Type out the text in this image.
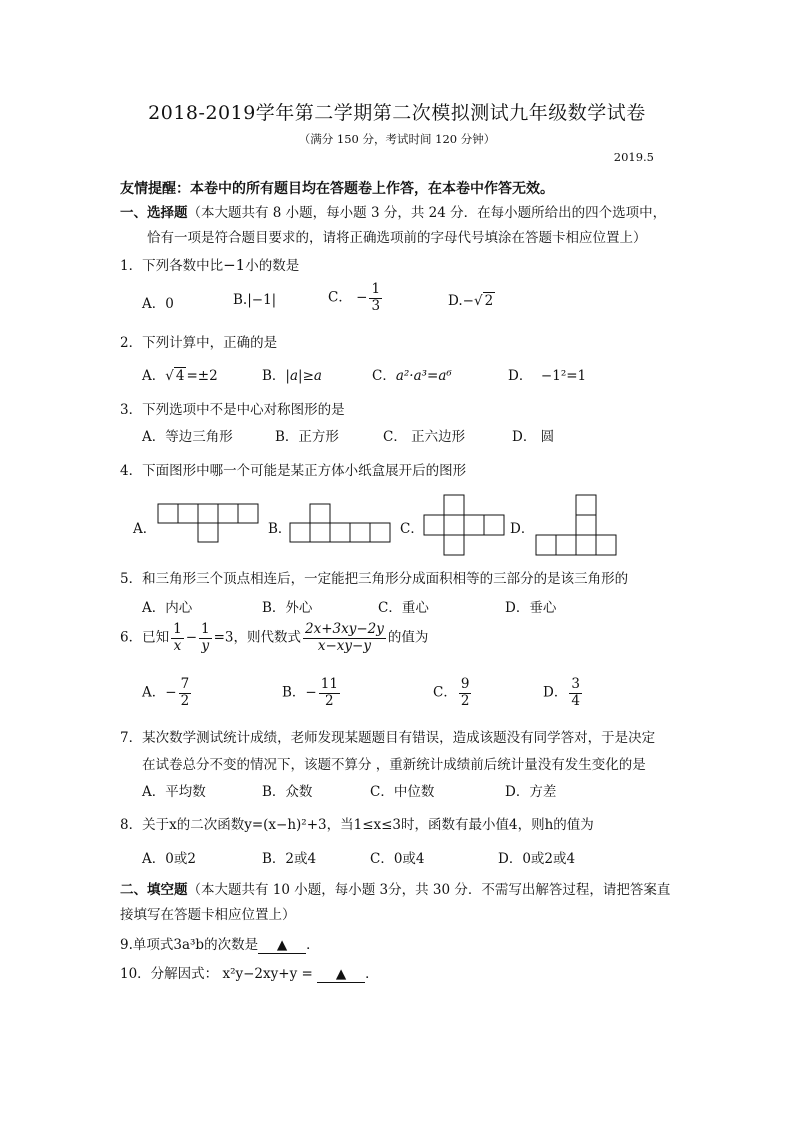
2018-2019学年第二学期第二次模拟测试九年级数学试卷
（满分 150 分，考试时间 120 分钟）
2019.5
友情提醒：本卷中的所有题目均在答题卷上作答，在本卷中作答无效。
一、选择题（本大题共有 8 小题，每小题 3 分，共 24 分．在每小题所给出的四个选项中，
恰有一项是符合题目要求的，请将正确选项前的字母代号填涂在答题卡相应位置上）
1．下列各数中比−1小的数是
A．0	B.|−1|	C． − $\frac{1}{3}$	D.−√ 2
2．下列计算中，正确的是
A．√ 4 =±2	B．|a|≥a	C．a²·a³=a⁶	D． −1²=1
3．下列选项中不是中心对称图形的是
A．等边三角形	B．正方形	C． 正六边形	D． 圆
4．下面图形中哪一个可能是某正方体小纸盒展开后的图形
A．	B．	C．	D．
5．和三角形三个顶点相连后，一定能把三角形分成面积相等的三部分的是该三角形的
A．内心	B．外心	C．重心	D．垂心
6．已知 $\frac{1}{x} - \frac{1}{y} =3$，则代数式 $\frac{2x+3xy-2y}{x-xy-y}$ 的值为
A．− $\frac{7}{2}$	B．− $\frac{11}{2}$	C． $\frac{9}{2}$	D． $\frac{3}{4}$
7．某次数学测试统计成绩，老师发现某题题目有错误，造成该题没有同学答对，于是决定
在试卷总分不变的情况下，该题不算分 ，重新统计成绩前后统计量没有发生变化的是
A．平均数	B．众数	C．中位数	D．方差
8．关于x的二次函数y=(x−h)²+3，当1≤x≤3时，函数有最小值4，则h的值为
A．0或2	B．2或4	C．0或4	D．0或2或4
二、填空题（本大题共有 10 小题，每小题 3分，共 30 分．不需写出解答过程，请把答案直
接填写在答题卡相应位置上）
9.单项式3a³b的次数是 ▲ ．
10．分解因式： x²y−2xy+y = ▲ ．
